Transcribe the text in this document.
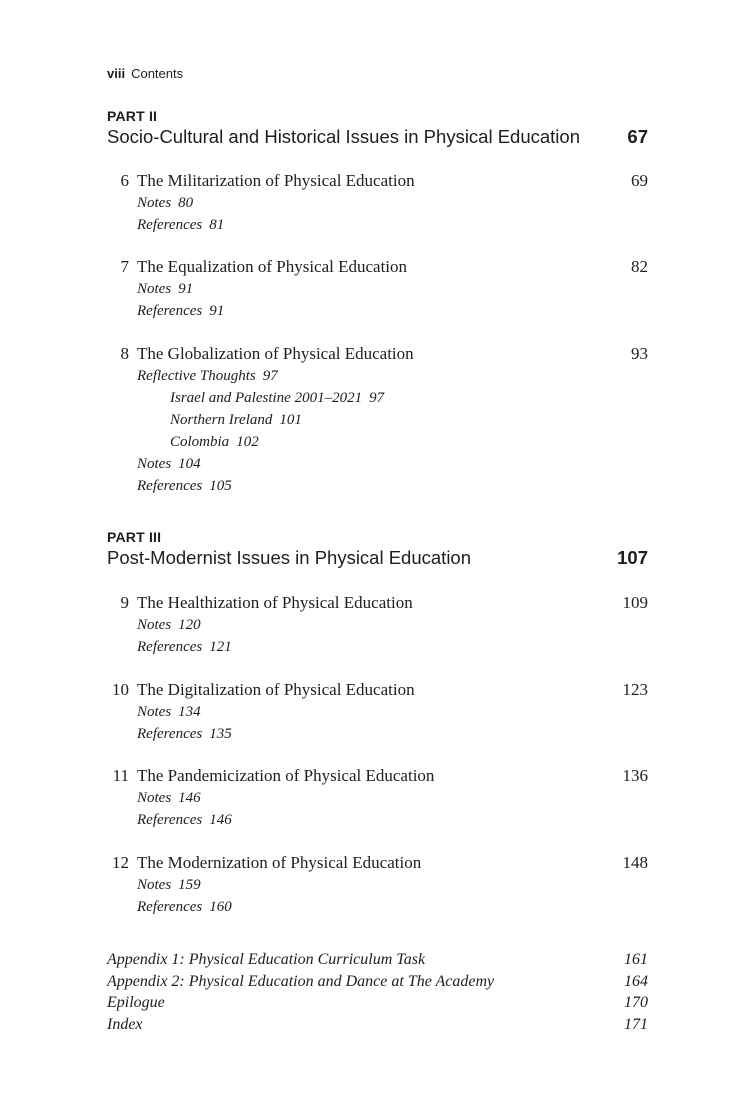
viii Contents
PART II
Socio-Cultural and Historical Issues in Physical Education	67
6 The Militarization of Physical Education	69
Notes 80
References 81
7 The Equalization of Physical Education	82
Notes 91
References 91
8 The Globalization of Physical Education	93
Reflective Thoughts 97
Israel and Palestine 2001–2021 97
Northern Ireland 101
Colombia 102
Notes 104
References 105
PART III
Post-Modernist Issues in Physical Education	107
9 The Healthization of Physical Education	109
Notes 120
References 121
10 The Digitalization of Physical Education	123
Notes 134
References 135
11 The Pandemicization of Physical Education	136
Notes 146
References 146
12 The Modernization of Physical Education	148
Notes 159
References 160
Appendix 1: Physical Education Curriculum Task	161
Appendix 2: Physical Education and Dance at The Academy	164
Epilogue	170
Index	171
